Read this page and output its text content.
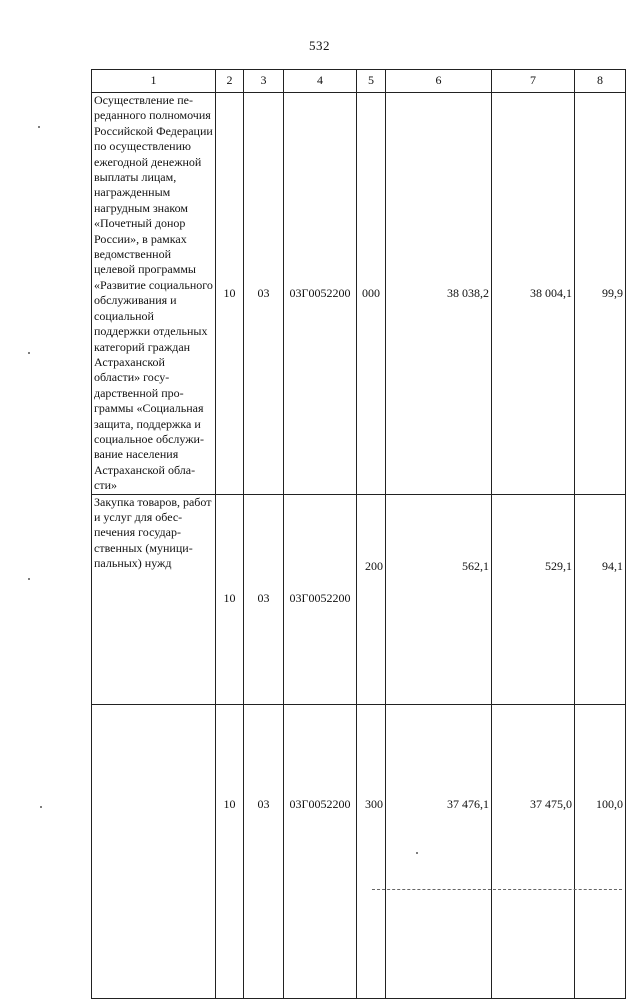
532
1	2	3	4	5	6	7	8
Осуществление переданного полномочия Российской Федерации по осуществлению ежегодной денежной выплаты лицам, награжденным нагрудным знаком «Почетный донор России», в рамках ведомственной целевой программы «Развитие социального обслуживания и социальной поддержки отдельных категорий граждан Астраханской области» государственной программы «Социальная защита, поддержка и социальное обслуживание населения Астраханской области»	10	03	03Г0052200	000	38 038,2	38 004,1	99,9
Закупка товаров, работ и услуг для обеспечения государственных (муниципальных) нужд	10	03	03Г0052200	200	562,1	529,1	94,1
	10	03	03Г0052200	300	37 476,1	37 475,0	100,0
